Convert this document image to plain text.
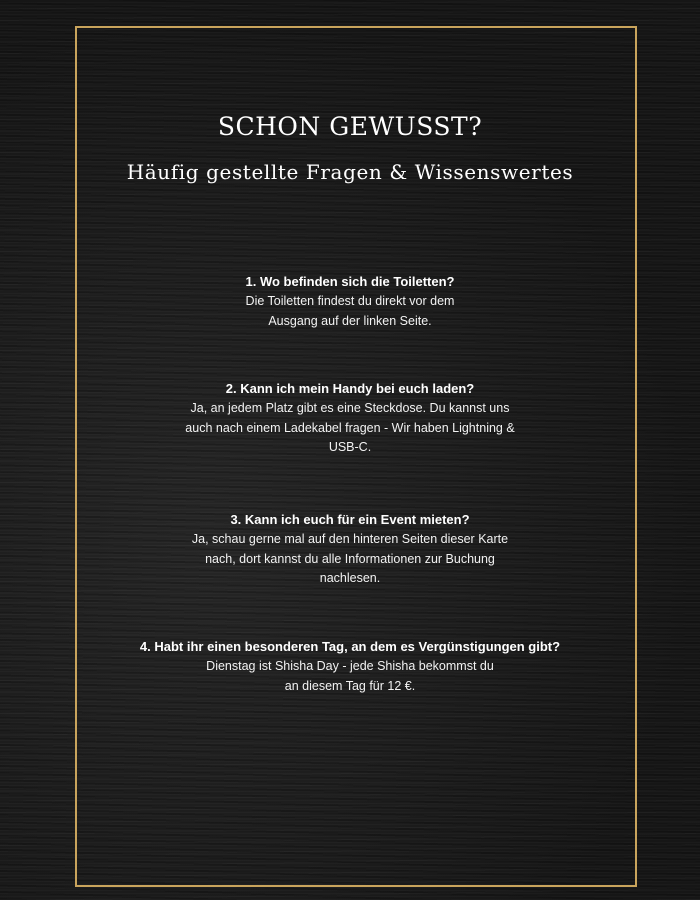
SCHON GEWUSST?
Häufig gestellte Fragen & Wissenswertes

1. Wo befinden sich die Toiletten?

Die Toiletten findest du direkt vor dem Ausgang auf der linken Seite.

2. Kann ich mein Handy bei euch laden?

Ja, an jedem Platz gibt es eine Steckdose. Du kannst uns auch nach einem Ladekabel fragen - Wir haben Lightning & USB-C.

3. Kann ich euch für ein Event mieten?

Ja, schau gerne mal auf den hinteren Seiten dieser Karte nach, dort kannst du alle Informationen zur Buchung nachlesen.

4. Habt ihr einen besonderen Tag, an dem es Vergünstigungen gibt?

Dienstag ist Shisha Day - jede Shisha bekommst du an diesem Tag für 12 €.
